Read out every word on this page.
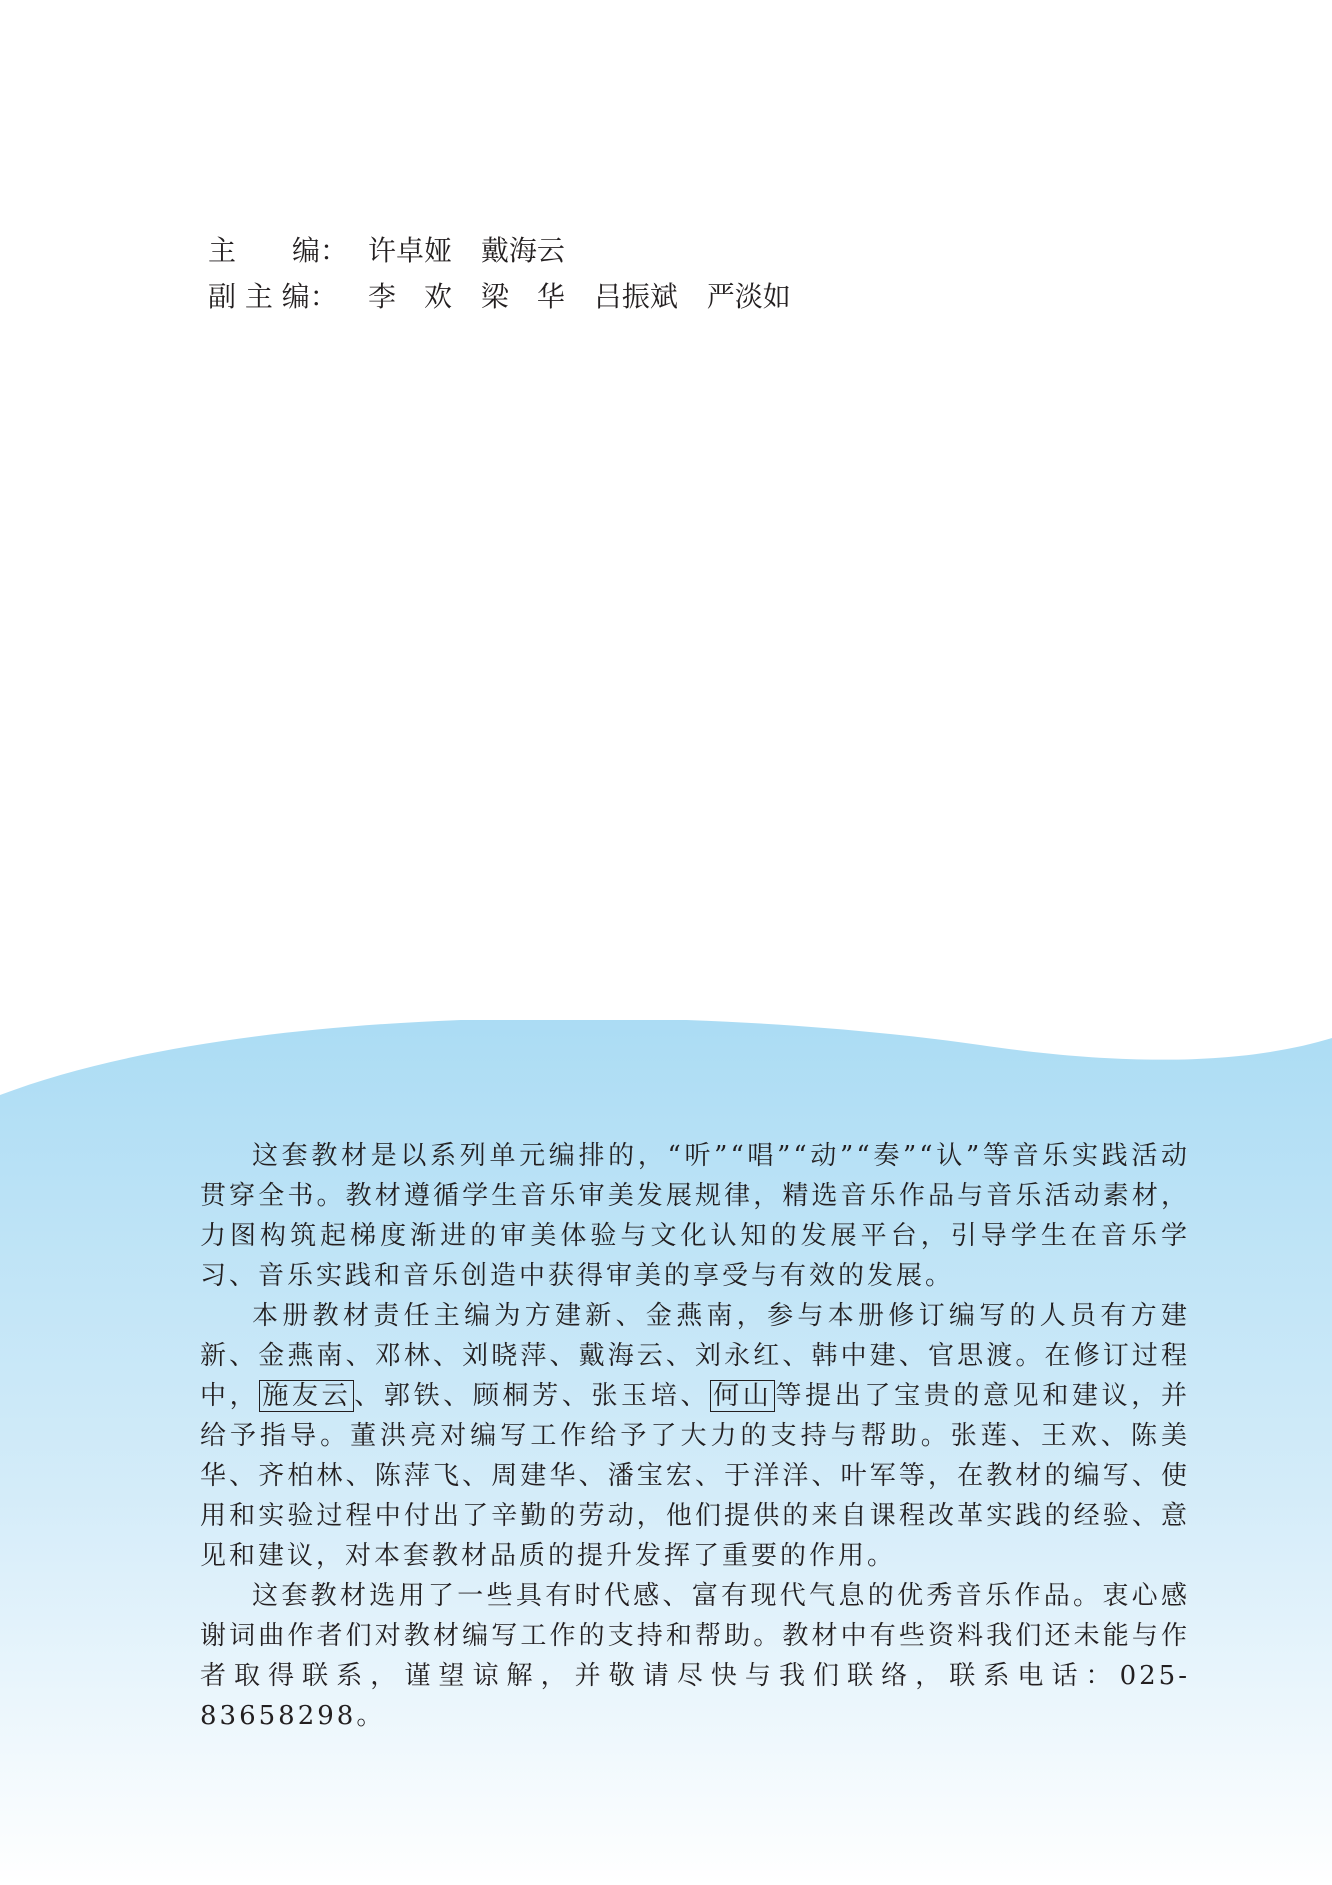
主　　编： 许卓娅 戴海云
副 主 编：	李　欢 梁　华 吕振斌 严淡如

这套教材是以系列单元编排的，“听”“唱”“动”“奏”“认”等音乐实践活动贯穿全书。教材遵循学生音乐审美发展规律，精选音乐作品与音乐活动素材，力图构筑起梯度渐进的审美体验与文化认知的发展平台，引导学生在音乐学习、音乐实践和音乐创造中获得审美的享受与有效的发展。

本册教材责任主编为方建新、金燕南，参与本册修订编写的人员有方建新、金燕南、邓林、刘晓萍、戴海云、刘永红、韩中建、官思渡。在修订过程中， 施友云 、郭铁、顾桐芳、张玉培、 何山 等提出了宝贵的意见和建议，并给予指导。董洪亮对编写工作给予了大力的支持与帮助。张莲、王欢、陈美华、齐柏林、陈萍飞、周建华、潘宝宏、于洋洋、叶军等，在教材的编写、使用和实验过程中付出了辛勤的劳动，他们提供的来自课程改革实践的经验、意见和建议，对本套教材品质的提升发挥了重要的作用。

这套教材选用了一些具有时代感、富有现代气息的优秀音乐作品。衷心感谢词曲作者们对教材编写工作的支持和帮助。教材中有些资料我们还未能与作者取得联系，谨望谅解，并敬请尽快与我们联络，联系电话：025-83658298。
